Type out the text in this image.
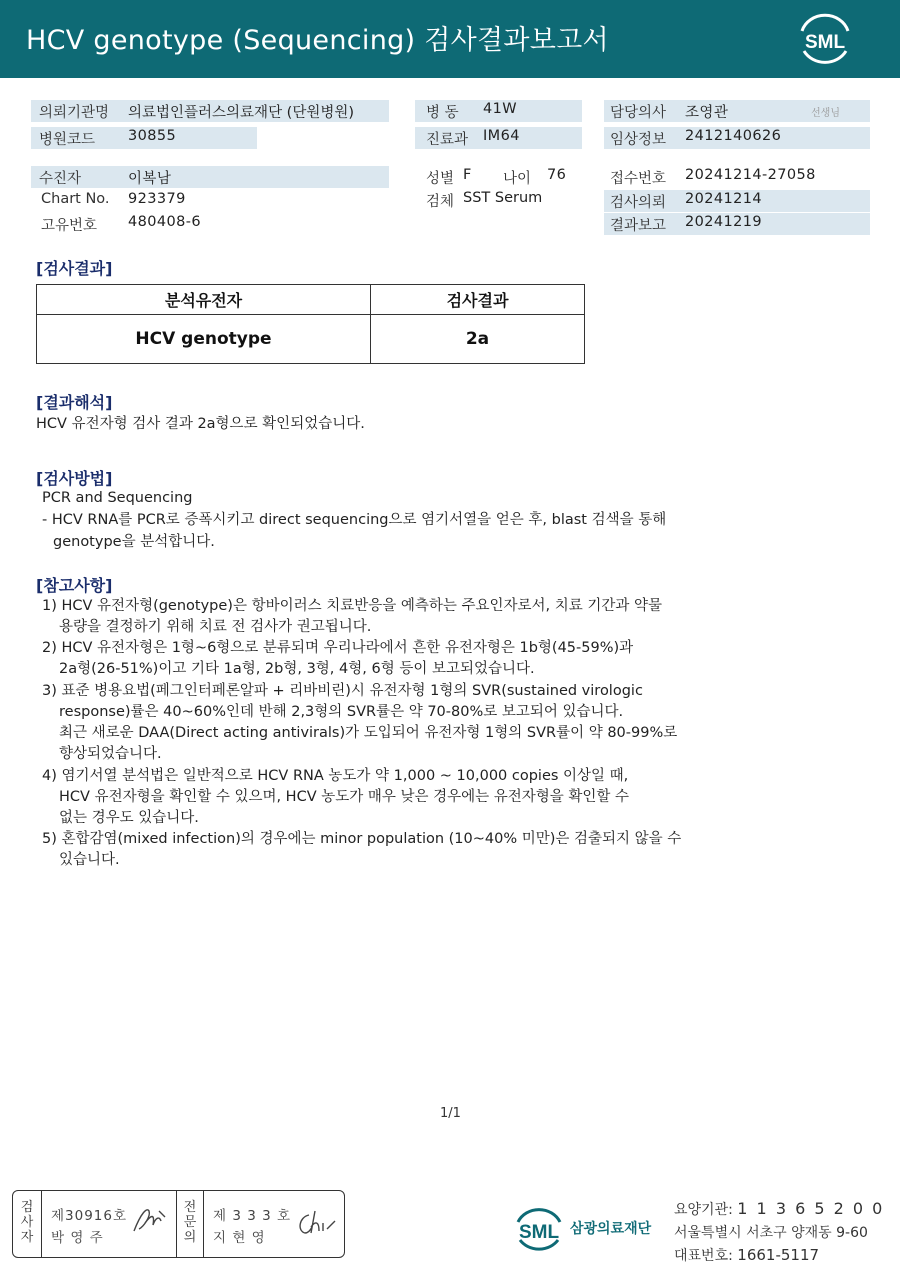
HCV genotype (Sequencing) 검사결과보고서	SML
의뢰기관명 의료법인플러스의료재단 (단원병원)
병원코드 30855
수진자	이복남
Chart No. 923379
고유번호 480408-6
병 동 41W
진료과 IM64
성별 F 나이 76
검체 SST Serum
담당의사 조영관	선생님
임상정보 2412140626
접수번호 20241214-27058
검사의뢰 20241214
결과보고 20241219
[검사결과]
분석유전자	검사결과
HCV genotype	2a
[결과해석]
HCV 유전자형 검사 결과 2a형으로 확인되었습니다.
[검사방법]
PCR and Sequencing
- HCV RNA를 PCR로 증폭시키고 direct sequencing으로 염기서열을 얻은 후, blast 검색을 통해
genotype을 분석합니다.
[참고사항]
1) HCV 유전자형(genotype)은 항바이러스 치료반응을 예측하는 주요인자로서, 치료 기간과 약물
용량을 결정하기 위해 치료 전 검사가 권고됩니다.
2) HCV 유전자형은 1형~6형으로 분류되며 우리나라에서 흔한 유전자형은 1b형(45-59%)과
2a형(26-51%)이고 기타 1a형, 2b형, 3형, 4형, 6형 등이 보고되었습니다.
3) 표준 병용요법(페그인터페론알파 + 리바비린)시 유전자형 1형의 SVR(sustained virologic
response)률은 40~60%인데 반해 2,3형의 SVR률은 약 70-80%로 보고되어 있습니다.
최근 새로운 DAA(Direct acting antivirals)가 도입되어 유전자형 1형의 SVR률이 약 80-99%로
향상되었습니다.
4) 염기서열 분석법은 일반적으로 HCV RNA 농도가 약 1,000 ~ 10,000 copies 이상일 때,
HCV 유전자형을 확인할 수 있으며, HCV 농도가 매우 낮은 경우에는 유전자형을 확인할 수
없는 경우도 있습니다.
5) 혼합감염(mixed infection)의 경우에는 minor population (10~40% 미만)은 검출되지 않을 수
있습니다.
1/1
검
사
자
제30916호
박 영 주
전
문
의
제 3 3 3 호
지 현 영	SML 삼광의료재단
요양기관: 1 1 3 6 5 2 0 0
서울특별시 서초구 양재동 9-60
대표번호: 1661-5117
